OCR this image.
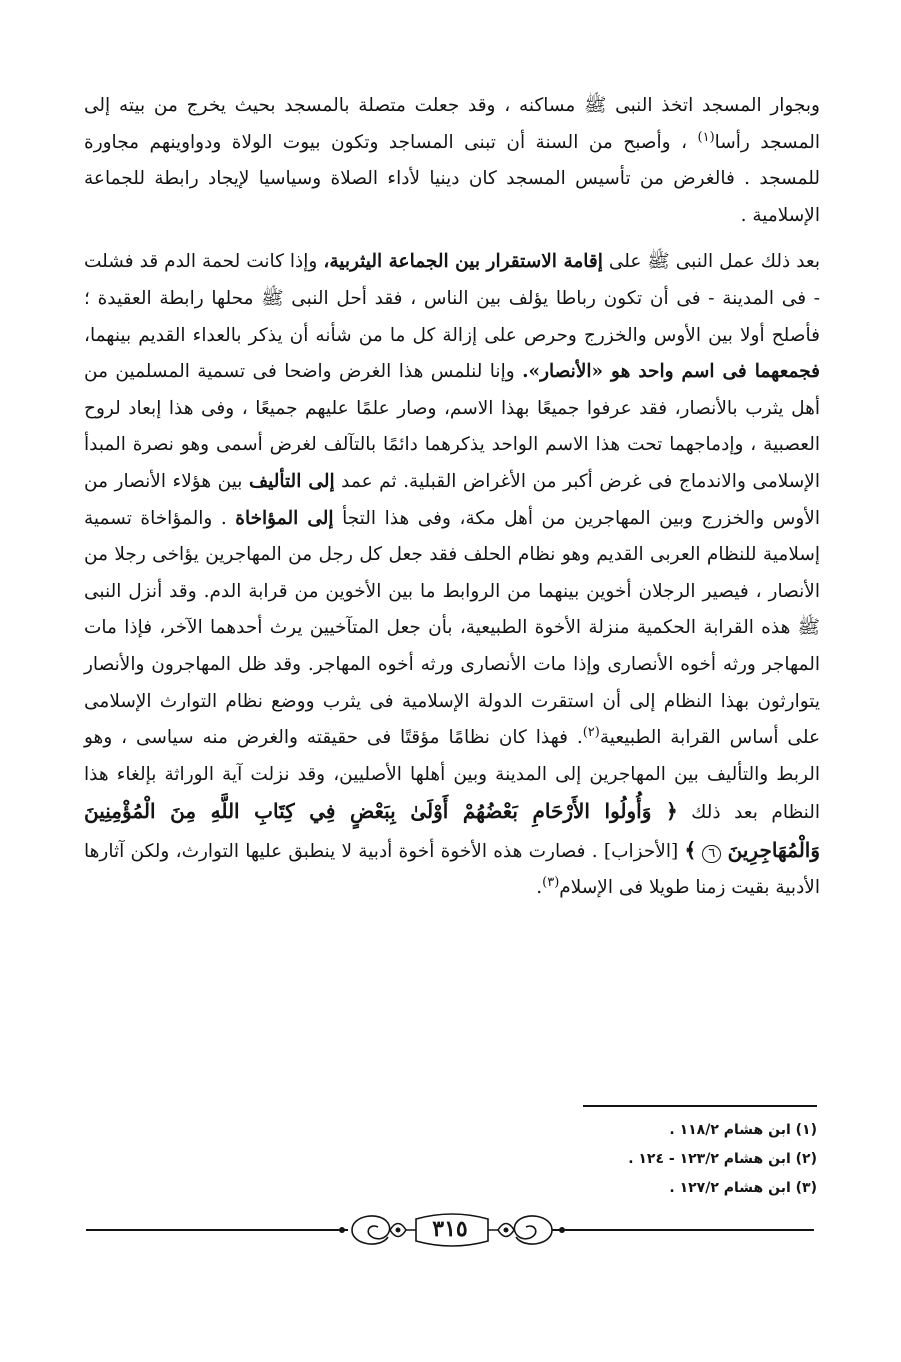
وبجوار المسجد اتخذ النبى ﷺ مساكنه ، وقد جعلت متصلة بالمسجد بحيث يخرج من بيته إلى المسجد رأسا$^{(١)}$ ، وأصبح من السنة أن تبنى المساجد وتكون بيوت الولاة ودواوينهم مجاورة للمسجد . فالغرض من تأسيس المسجد كان دينيا لأداء الصلاة وسياسيا لإيجاد رابطة للجماعة الإسلامية .

بعد ذلك عمل النبى ﷺ على إقامة الاستقرار بين الجماعة اليثربية، وإذا كانت لحمة الدم قد فشلت - فى المدينة - فى أن تكون رباطا يؤلف بين الناس ، فقد أحل النبى ﷺ محلها رابطة العقيدة ؛ فأصلح أولا بين الأوس والخزرج وحرص على إزالة كل ما من شأنه أن يذكر بالعداء القديم بينهما، فجمعهما فى اسم واحد هو «الأنصار». وإنا لنلمس هذا الغرض واضحا فى تسمية المسلمين من أهل يثرب بالأنصار، فقد عرفوا جميعًا بهذا الاسم، وصار علمًا عليهم جميعًا ، وفى هذا إبعاد لروح العصبية ، وإدماجهما تحت هذا الاسم الواحد يذكرهما دائمًا بالتآلف لغرض أسمى وهو نصرة المبدأ الإسلامى والاندماج فى غرض أكبر من الأغراض القبلية. ثم عمد إلى التأليف بين هؤلاء الأنصار من الأوس والخزرج وبين المهاجرين من أهل مكة، وفى هذا التجأ إلى المؤاخاة . والمؤاخاة تسمية إسلامية للنظام العربى القديم وهو نظام الحلف فقد جعل كل رجل من المهاجرين يؤاخى رجلا من الأنصار ، فيصير الرجلان أخوين بينهما من الروابط ما بين الأخوين من قرابة الدم. وقد أنزل النبى ﷺ هذه القرابة الحكمية منزلة الأخوة الطبيعية، بأن جعل المتآخيين يرث أحدهما الآخر، فإذا مات المهاجر ورثه أخوه الأنصارى وإذا مات الأنصارى ورثه أخوه المهاجر. وقد ظل المهاجرون والأنصار يتوارثون بهذا النظام إلى أن استقرت الدولة الإسلامية فى يثرب ووضع نظام التوارث الإسلامى على أساس القرابة الطبيعية$^{(٢)}$. فهذا كان نظامًا مؤقتًا فى حقيقته والغرض منه سياسى ، وهو الربط والتأليف بين المهاجرين إلى المدينة وبين أهلها الأصليين، وقد نزلت آية الوراثة بإلغاء هذا النظام بعد ذلك ﴿ وَأُولُوا الأَرْحَامِ بَعْضُهُمْ أَوْلَىٰ بِبَعْضٍ فِي كِتَابِ اللَّهِ مِنَ الْمُؤْمِنِينَ وَالْمُهَاجِرِينَ ٦ ﴾ [الأحزاب] . فصارت هذه الأخوة أخوة أدبية لا ينطبق عليها التوارث، ولكن آثارها الأدبية بقيت زمنا طويلا فى الإسلام$^{(٣)}$.

(١) ابن هشام ١١٨/٢ .
(٢) ابن هشام ١٢٣/٢ - ١٢٤ .
(٣) ابن هشام ١٢٧/٢ .
٣١٥
